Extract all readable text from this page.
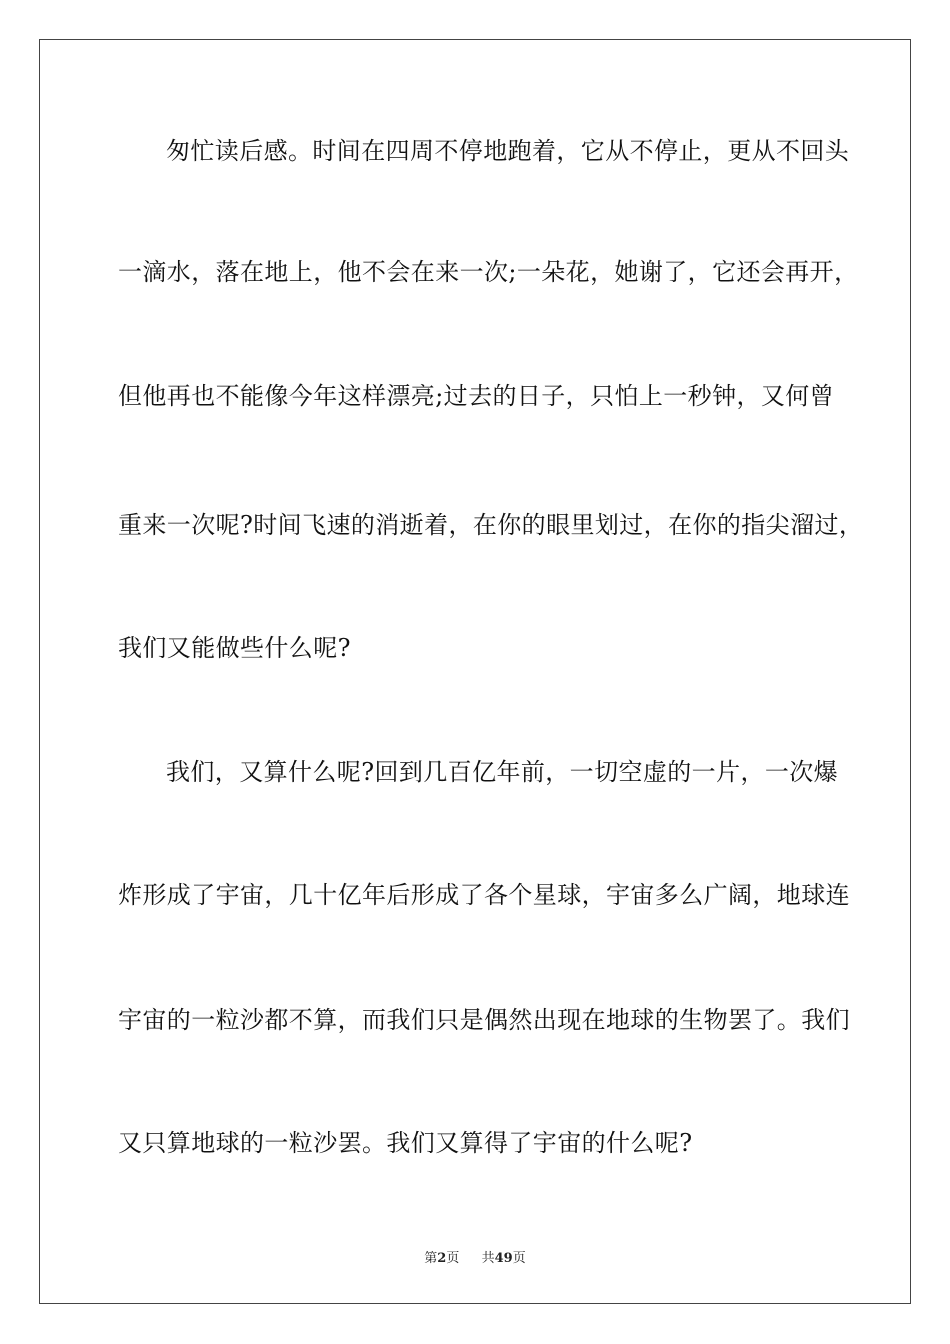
匆忙读后感。时间在四周不停地跑着，它从不停止，更从不回头
一滴水，落在地上，他不会在来一次;一朵花，她谢了，它还会再开，
但他再也不能像今年这样漂亮;过去的日子，只怕上一秒钟，又何曾
重来一次呢?时间飞速的消逝着，在你的眼里划过，在你的指尖溜过，
我们又能做些什么呢?
我们，又算什么呢?回到几百亿年前，一切空虚的一片，一次爆
炸形成了宇宙，几十亿年后形成了各个星球，宇宙多么广阔，地球连
宇宙的一粒沙都不算，而我们只是偶然出现在地球的生物罢了。我们
又只算地球的一粒沙罢。我们又算得了宇宙的什么呢?
第2页 共49页
